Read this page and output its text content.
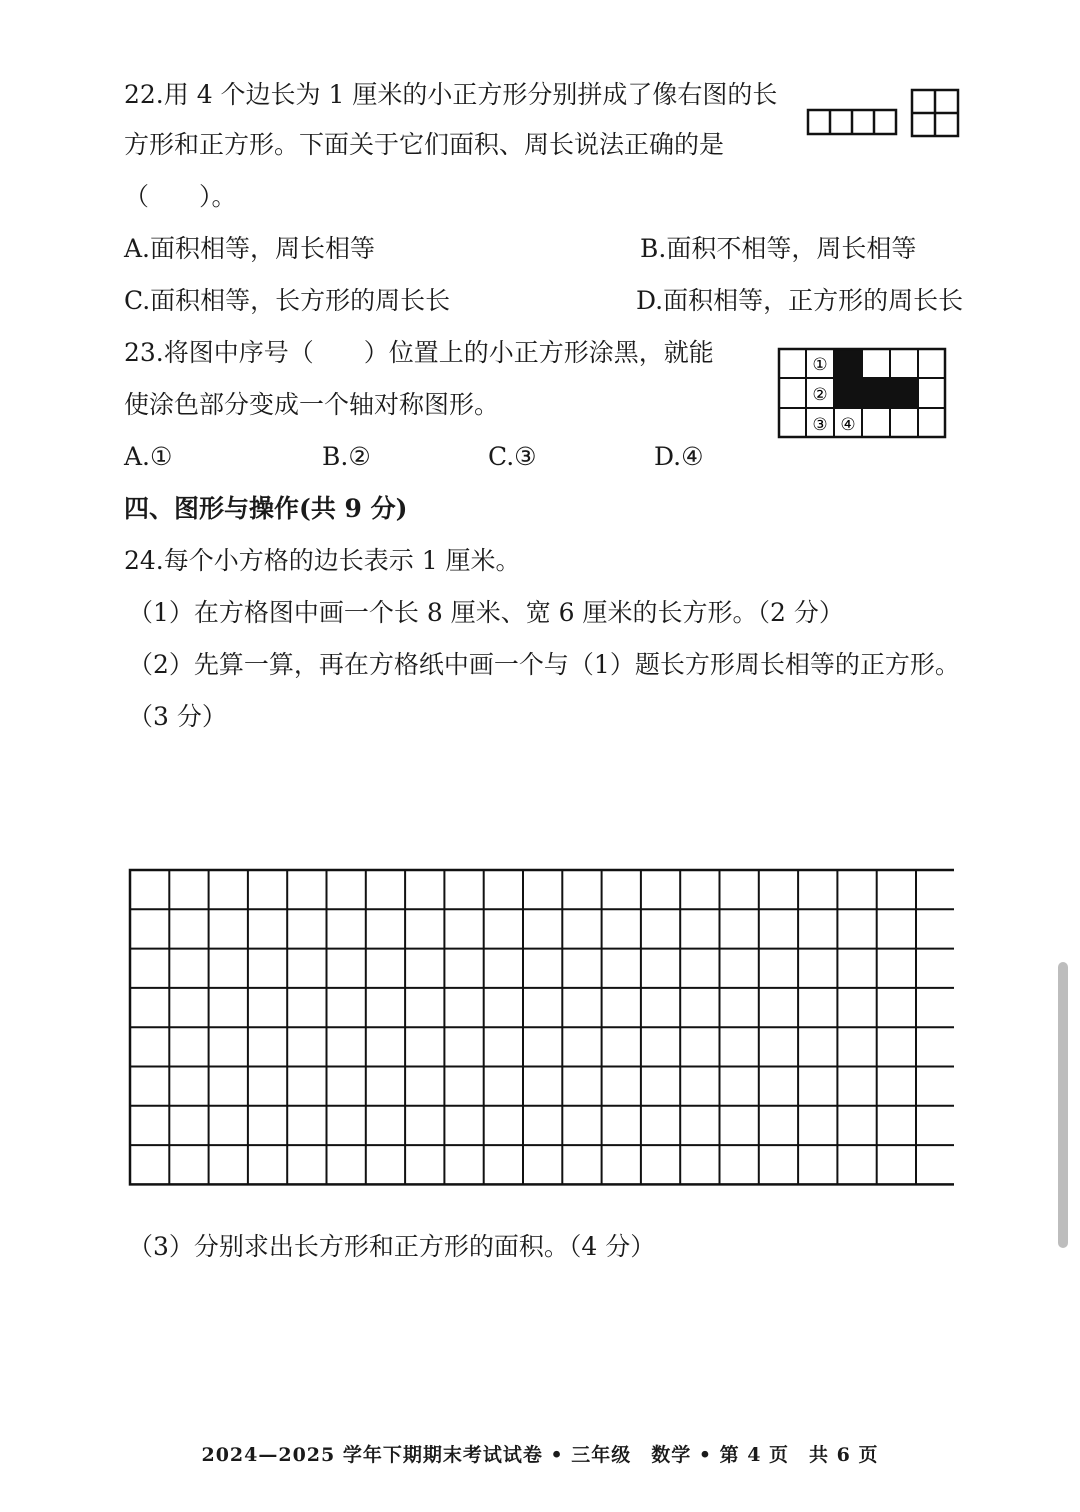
22.用 4 个边长为 1 厘米的小正方形分别拼成了像右图的长
方形和正方形。下面关于它们面积、周长说法正确的是
（　　）。
A.面积相等，周长相等	B.面积不相等，周长相等
C.面积相等，长方形的周长长	D.面积相等，正方形的周长长
23.将图中序号（　　）位置上的小正方形涂黑，就能
使涂色部分变成一个轴对称图形。
①
②
③ ④
A.①	B.②	C.③	D.④
四、图形与操作(共 9 分)
24.每个小方格的边长表示 1 厘米。
（1）在方格图中画一个长 8 厘米、宽 6 厘米的长方形。（2 分）
（2）先算一算，再在方格纸中画一个与（1）题长方形周长相等的正方形。
（3 分）
（3）分别求出长方形和正方形的面积。（4 分）
2024—2025 学年下期期末考试试卷 • 三年级　数学 • 第 4 页　共 6 页
